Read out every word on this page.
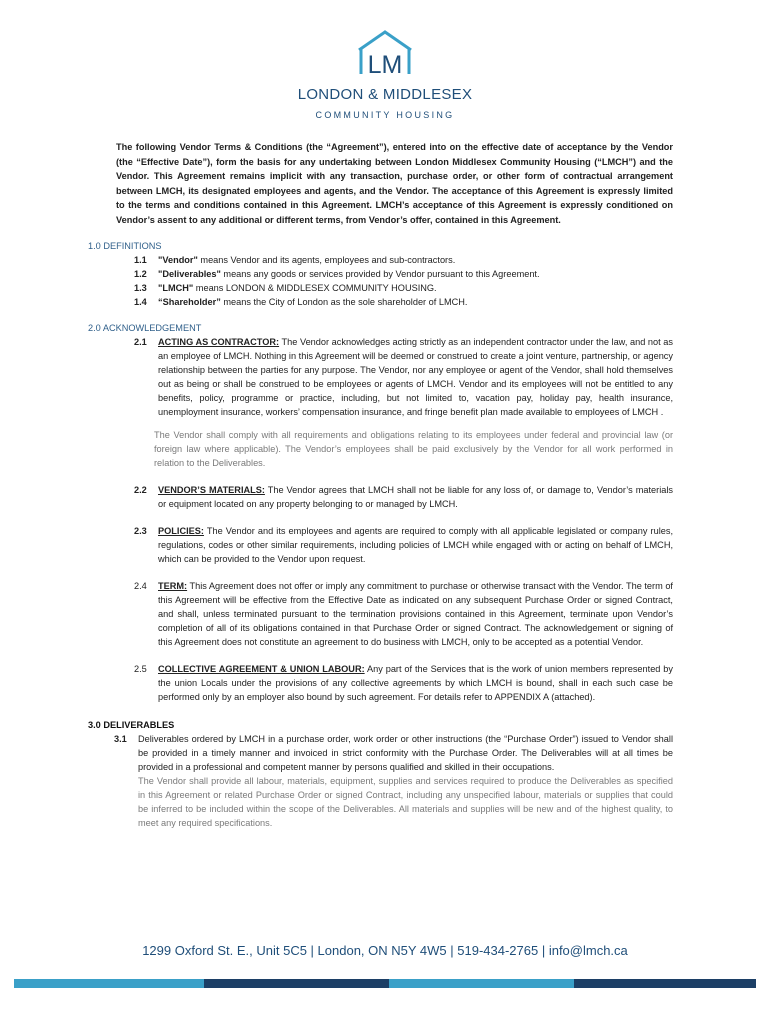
LM
LONDON & MIDDLESEX
COMMUNITY HOUSING
The following Vendor Terms & Conditions (the “Agreement”), entered into on the effective date of acceptance by the Vendor (the “Effective Date”), form the basis for any undertaking between London Middlesex Community Housing (“LMCH”) and the Vendor. This Agreement remains implicit with any transaction, purchase order, or other form of contractual arrangement between LMCH, its designated employees and agents, and the Vendor. The acceptance of this Agreement is expressly limited to the terms and conditions contained in this Agreement. LMCH’s acceptance of this Agreement is expressly conditioned on Vendor’s assent to any additional or different terms, from Vendor’s offer, contained in this Agreement.
1.0 DEFINITIONS
1.1	"Vendor" means Vendor and its agents, employees and sub-contractors.
1.2	"Deliverables" means any goods or services provided by Vendor pursuant to this Agreement.
1.3	"LMCH" means LONDON & MIDDLESEX COMMUNITY HOUSING.
1.4	“Shareholder” means the City of London as the sole shareholder of LMCH.
2.0 ACKNOWLEDGEMENT
2.1	ACTING AS CONTRACTOR: The Vendor acknowledges acting strictly as an independent contractor under the law, and not as an employee of LMCH. Nothing in this Agreement will be deemed or construed to create a joint venture, partnership, or agency relationship between the parties for any purpose. The Vendor, nor any employee or agent of the Vendor, shall hold themselves out as being or shall be construed to be employees or agents of LMCH. Vendor and its employees will not be entitled to any benefits, policy, programme or practice, including, but not limited to, vacation pay, holiday pay, health insurance, unemployment insurance, workers’ compensation insurance, and fringe benefit plan made available to employees of LMCH .
The Vendor shall comply with all requirements and obligations relating to its employees under federal and provincial law (or foreign law where applicable). The Vendor’s employees shall be paid exclusively by the Vendor for all work performed in relation to the Deliverables.
2.2	VENDOR’S MATERIALS: The Vendor agrees that LMCH shall not be liable for any loss of, or damage to, Vendor’s materials or equipment located on any property belonging to or managed by LMCH.
2.3	POLICIES: The Vendor and its employees and agents are required to comply with all applicable legislated or company rules, regulations, codes or other similar requirements, including policies of LMCH while engaged with or acting on behalf of LMCH, which can be provided to the Vendor upon request.
2.4	TERM: This Agreement does not offer or imply any commitment to purchase or otherwise transact with the Vendor. The term of this Agreement will be effective from the Effective Date as indicated on any subsequent Purchase Order or signed Contract, and shall, unless terminated pursuant to the termination provisions contained in this Agreement, terminate upon Vendor’s completion of all of its obligations contained in that Purchase Order or signed Contract. The acknowledgement or signing of this Agreement does not constitute an agreement to do business with LMCH, only to be accepted as a potential Vendor.
2.5	COLLECTIVE AGREEMENT & UNION LABOUR: Any part of the Services that is the work of union members represented by the union Locals under the provisions of any collective agreements by which LMCH is bound, shall in each such case be performed only by an employer also bound by such agreement. For details refer to APPENDIX A (attached).
3.0 DELIVERABLES
3.1	Deliverables ordered by LMCH in a purchase order, work order or other instructions (the “Purchase Order”) issued to Vendor shall be provided in a timely manner and invoiced in strict conformity with the Purchase Order. The Deliverables will at all times be provided in a professional and competent manner by persons qualified and skilled in their occupations.
The Vendor shall provide all labour, materials, equipment, supplies and services required to produce the Deliverables as specified in this Agreement or related Purchase Order or signed Contract, including any unspecified labour, materials or supplies that could be inferred to be included within the scope of the Deliverables. All materials and supplies will be new and of the highest quality, to meet any required specifications.
1299 Oxford St. E., Unit 5C5 | London, ON N5Y 4W5 | 519-434-2765 | info@lmch.ca
